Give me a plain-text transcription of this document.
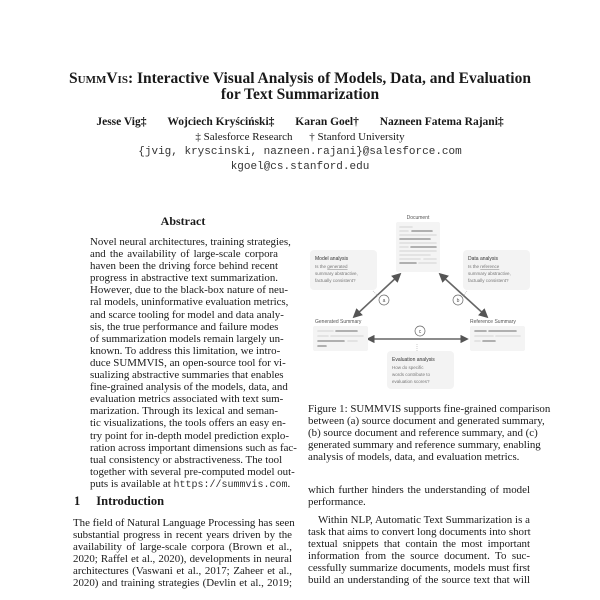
SummVis: Interactive Visual Analysis of Models, Data, and Evaluation
for Text Summarization
Jesse Vig‡ Wojciech Kryściński‡ Karan Goel† Nazneen Fatema Rajani‡
‡ Salesforce Research † Stanford University
{jvig, kryscinski, nazneen.rajani}@salesforce.com
kgoel@cs.stanford.edu
Abstract
Novel neural architectures, training strategies,
and the availability of large-scale corpora
haven been the driving force behind recent
progress in abstractive text summarization.
However, due to the black-box nature of neu-
ral models, uninformative evaluation metrics,
and scarce tooling for model and data analy-
sis, the true performance and failure modes
of summarization models remain largely un-
known. To address this limitation, we intro-
duce SUMMVIS, an open-source tool for vi-
sualizing abstractive summaries that enables
fine-grained analysis of the models, data, and
evaluation metrics associated with text sum-
marization. Through its lexical and seman-
tic visualizations, the tools offers an easy en-
try point for in-depth model prediction explo-
ration across important dimensions such as fac-
tual consistency or abstractiveness. The tool
together with several pre-computed model out-
puts is available at https://summvis.com.
1 Introduction
The field of Natural Language Processing has seen
substantial progress in recent years driven by the
availability of large-scale corpora (Brown et al.,
2020; Raffel et al., 2020), developments in neural
architectures (Vaswani et al., 2017; Zaheer et al.,
2020) and training strategies (Devlin et al., 2019;
Document
Model analysis
Is the generated
summary abstractive,
factually consistent?
Data analysis
Is the reference
summary abstractive,
factually consistent?
a	b
c
Generated Summary	Reference Summary
Evaluation analysis
How do specific
words contribute to
evaluation scores?
Figure 1: SUMMVIS supports fine-grained comparison
between (a) source document and generated summary,
(b) source document and reference summary, and (c)
generated summary and reference summary, enabling
analysis of models, data, and evaluation metrics.
which further hinders the understanding of model
performance.
Within NLP, Automatic Text Summarization is a
task that aims to convert long documents into short
textual snippets that contain the most important
information from the source document. To suc-
cessfully summarize documents, models must first
build an understanding of the source text that will
